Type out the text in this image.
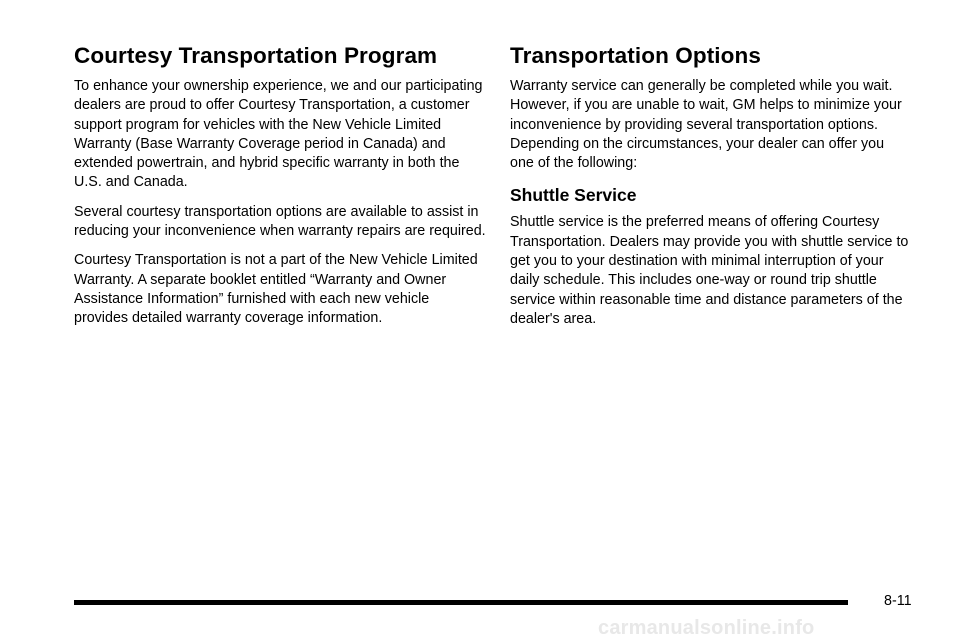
Courtesy Transportation Program

To enhance your ownership experience, we and our participating dealers are proud to offer Courtesy Transportation, a customer support program for vehicles with the New Vehicle Limited Warranty (Base Warranty Coverage period in Canada) and extended powertrain, and hybrid specific warranty in both the U.S. and Canada.

Several courtesy transportation options are available to assist in reducing your inconvenience when warranty repairs are required.

Courtesy Transportation is not a part of the New Vehicle Limited Warranty. A separate booklet entitled “Warranty and Owner Assistance Information” furnished with each new vehicle provides detailed warranty coverage information.

Transportation Options

Warranty service can generally be completed while you wait. However, if you are unable to wait, GM helps to minimize your inconvenience by providing several transportation options. Depending on the circumstances, your dealer can offer you one of the following:

Shuttle Service

Shuttle service is the preferred means of offering Courtesy Transportation. Dealers may provide you with shuttle service to get you to your destination with minimal interruption of your daily schedule. This includes one-way or round trip shuttle service within reasonable time and distance parameters of the dealer's area.

8-11
carmanualsonline.info
